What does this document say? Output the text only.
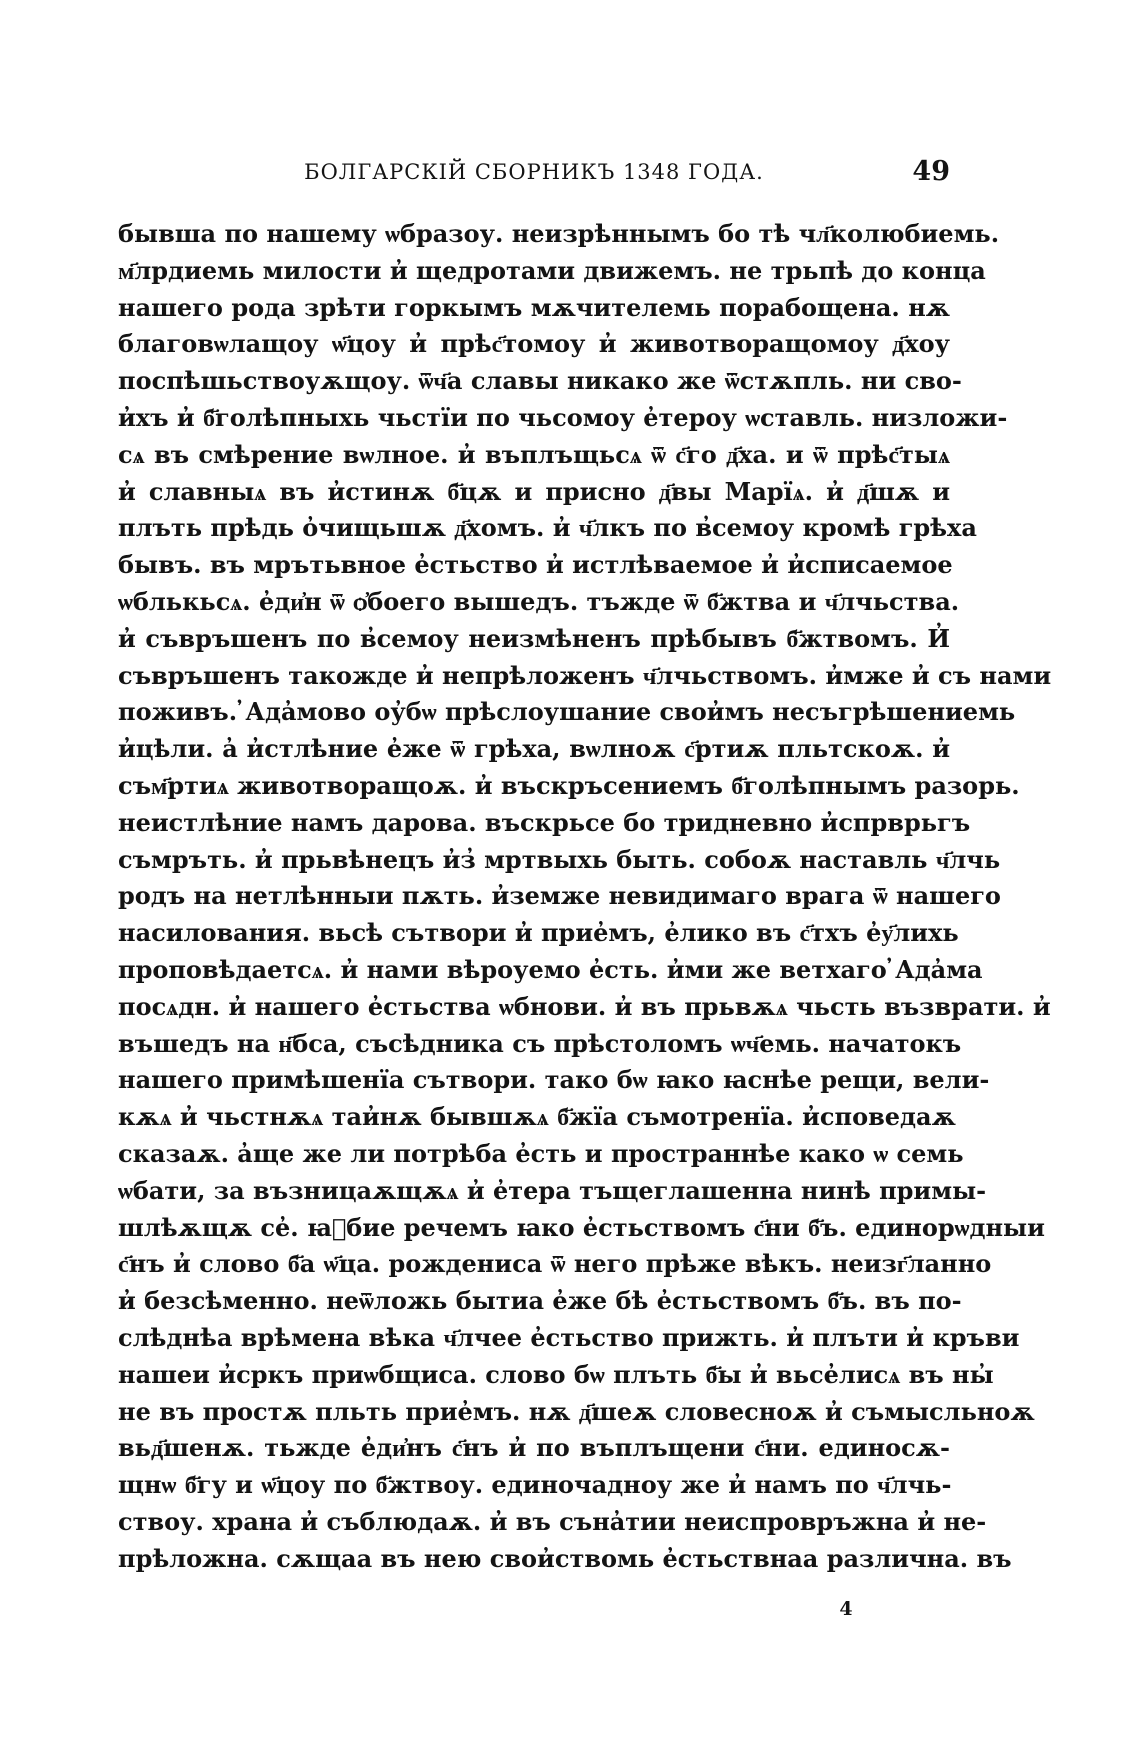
БОЛГАРСКІЙ СБОРНИКЪ 1348 ГОДА.	49
бывша по нашему ѡбразоу. неизрѣннымъ бо тѣ чл҃колюбиемь.
м҃лрдиемь милости и̓ щедротами движемъ. не трьпѣ до конца
нашего рода зрѣти горкымъ мѫчителемь порабощена. нѫ
благовѡлащоу ѡ҃цоу и̓ прѣс҃томоу и̓ животворащомоу д҃хоу
поспѣшьствоуѫщоу. ѿч҃а славы никако же ѿстѫпль. ни сво-
и̓хъ и̓ б҃голѣпныхь чьстїи по чьсомоу е̓тероу ѡставль. низложи-
сѧ въ смѣрение вѡлное. и̓ въплъщьсѧ ѿ с҃го д҃ха. и ѿ прѣс҃тыѧ
и̓ славныѧ въ и̓стинѫ б҃цѫ и присно д҃вы Марїѧ. и̓ д҃шѫ и
плъть прѣдь о̓чищьшѫ д҃хомъ. и̓ ч҃лкъ по в̓семоу кромѣ грѣха
бывъ. въ мрътьвное е̓стьство и̓ истлѣваемое и̓ и̓списаемое
ѡблькьсѧ. е̓ди҆н ѿ ѻ̓боего вышедъ. тъжде ѿ б҃жтва и ч҃лчьства.
и̓ съвръшенъ по в̓семоу неизмѣненъ прѣбывъ б҃жтвомъ. И̓
съвръшенъ такожде и̓ непрѣложенъ ч҃лчьствомъ. и̓мже и̓ съ нами
поживъ. ̓Ада̓мово оу̓бѡ прѣслоушание свои̓мъ несъгрѣшениемь
и̓цѣли. а̓ и̓стлѣние е̓же ѿ грѣха, вѡлноѫ с҃ртиѫ пльтскоѫ. и̓
съм҃ртиѧ животворащоѫ. и̓ въскръсениемъ б҃голѣпнымъ разорь.
неистлѣние намъ дарова. въскрьсе бо тридневно и̓спрврьгъ
съмръть. и̓ прьвѣнецъ и̓з̓ мртвыхь быть. собоѫ наставль ч҃лчь
родъ на нетлѣнныи пѫть. и̓земже невидимаго врага ѿ нашего
насилования. вьсѣ сътвори и̓ прие̓мъ, е̓лико въ с҃тхъ е̓у҃лихь
проповѣдаетсѧ. и̓ нами вѣроуемо е̓сть. и̓ми же ветхаго ̓Ада̓ма
посѧдн. и̓ нашего е̓стьства ѡбнови. и̓ въ прьвѫѧ чьсть възврати. и̓
въшедъ на н҃бса, съсѣдника съ прѣстоломъ ѡч҃емь. начатокъ
нашего примѣшенїа сътвори. тако бѡ ꙗко ꙗснѣе рещи, вели-
кѫѧ и̓ чьстнѫѧ таи̓нѫ бывшѫѧ б҃жїа съмотренїа. и̓споведаѫ
сказаѫ. а̓ще же ли потрѣба е̓сть и пространнѣе како ѡ семь
ѡбати, за възницаѫщѫѧ и̓ е̓тера тъщеглашенна нинѣ примы-
шлѣѫщѫ се̓. ꙗ҃бие речемъ ꙗко е̓стьствомъ с҃ни б҃ъ. единорѡдныи
с҃нъ и̓ слово б҃а ѡ҃ца. рождениса ѿ него прѣже вѣкъ. неизг҃ланно
и̓ безсѣменно. неѿложь бытиа е̓же бѣ е̓стьствомъ б҃ъ. въ по-
слѣднѣа врѣмена вѣка ч҃лчее е̓стьство прижть. и̓ плъти и̓ кръви
нашеи и̓сркъ приѡбщиса. слово бѡ плъть б҃ы и̓ вьсе̓лисѧ въ ны̓
не въ простѫ пльть прие̓мъ. нѫ д҃шеѫ словесноѫ и̓ съмысльноѫ
вьд҃шенѫ. тьжде е̓ди҆нъ с҃нъ и̓ по въплъщени с҃ни. единосѫ-
щнѡ б҃гу и ѡ҃цоу по б҃жтвоу. единочадноу же и̓ намъ по ч҃лчь-
ствоу. храна и̓ съблюдаѫ. и̓ въ съна̓тии неиспровръжна и̓ не-
прѣложна. сѫщаа въ нею свои̓ствомь е̓стьствнаа различна. въ
4
